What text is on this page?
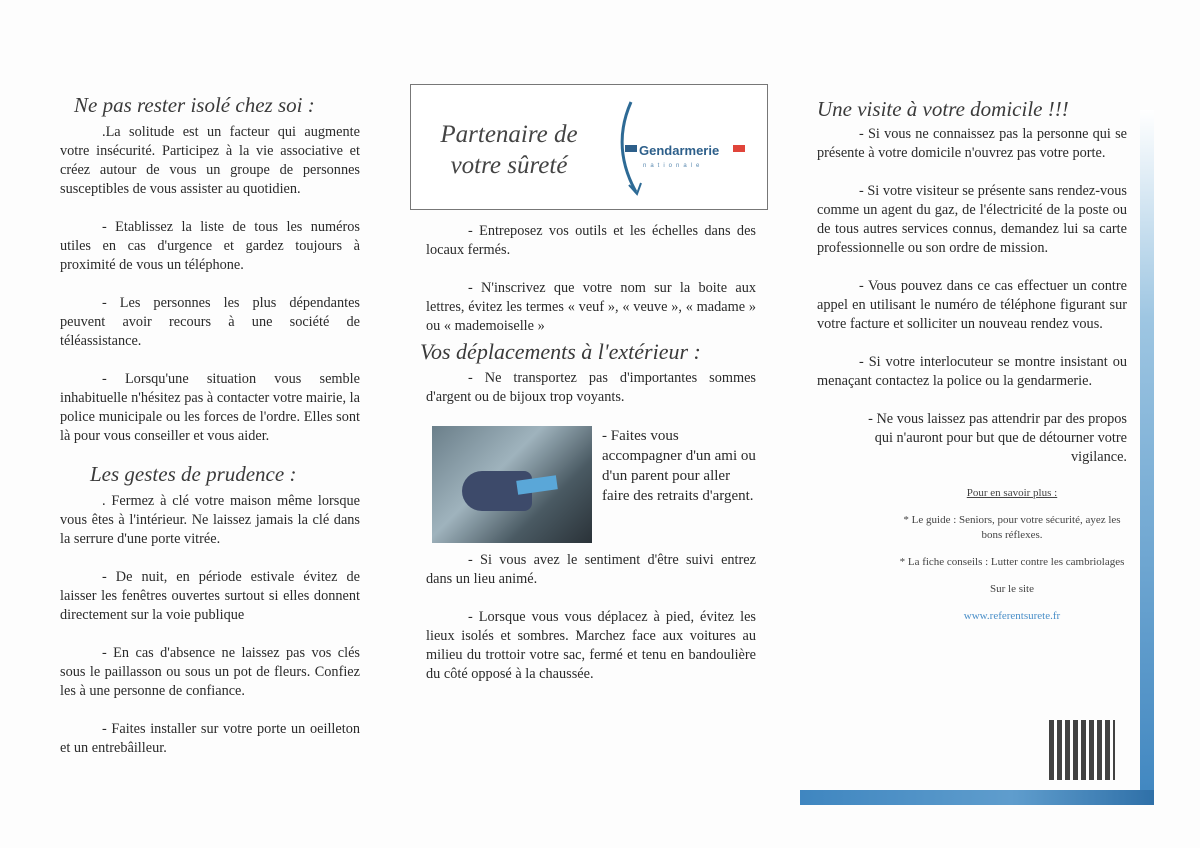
Ne pas rester isolé chez soi :

.La solitude est un facteur qui augmente votre insécurité. Participez à la vie associative et créez autour de vous un groupe de personnes susceptibles de vous assister au quotidien.

- Etablissez la liste de tous les numéros utiles en cas d'urgence et gardez toujours à proximité de vous un téléphone.

- Les personnes les plus dépendantes peuvent avoir recours à une société de téléassistance.

- Lorsqu'une situation vous semble inhabituelle n'hésitez pas à contacter votre mairie, la police municipale ou les forces de l'ordre. Elles sont là pour vous conseiller et vous aider.

Les gestes de prudence :

. Fermez à clé votre maison même lorsque vous êtes à l'intérieur. Ne laissez jamais la clé dans la serrure d'une porte vitrée.

- De nuit, en période estivale évitez de laisser les fenêtres ouvertes surtout si elles donnent directement sur la voie publique

- En cas d'absence ne laissez pas vos clés sous le paillasson ou sous un pot de fleurs. Confiez les à une personne de confiance.

- Faites installer sur votre porte un oeilleton et un entrebâilleur.

Partenaire de votre sûreté
Gendarmerie
nationale

- Entreposez vos outils et les échelles dans des locaux fermés.

- N'inscrivez que votre nom sur la boite aux lettres, évitez les termes « veuf », « veuve », « madame » ou « mademoiselle »

Vos déplacements à l'extérieur :

- Ne transportez pas d'importantes sommes d'argent ou de bijoux trop voyants.

- Faites vous accompagner d'un ami ou d'un parent pour aller faire des retraits d'argent.

- Si vous avez le sentiment d'être suivi entrez dans un lieu animé.

- Lorsque vous vous déplacez à pied, évitez les lieux isolés et sombres. Marchez face aux voitures au milieu du trottoir votre sac, fermé et tenu en bandoulière du côté opposé à la chaussée.

Une visite à votre domicile !!!

- Si vous ne connaissez pas la personne qui se présente à votre domicile n'ouvrez pas votre porte.

- Si votre visiteur se présente sans rendez-vous comme un agent du gaz, de l'électricité de la poste ou de tous autres services connus, demandez lui sa carte professionnelle ou son ordre de mission.

- Vous pouvez dans ce cas effectuer un contre appel en utilisant le numéro de téléphone figurant sur votre facture et solliciter un nouveau rendez vous.

- Si votre interlocuteur se montre insistant ou menaçant contactez la police ou la gendarmerie.

- Ne vous laissez pas attendrir par des propos qui n'auront pour but que de détourner votre vigilance.

Pour en savoir plus :
* Le guide : Seniors, pour votre sécurité, ayez les bons réflexes.
* La fiche conseils : Lutter contre les cambriolages
Sur le site
www.referentsurete.fr
